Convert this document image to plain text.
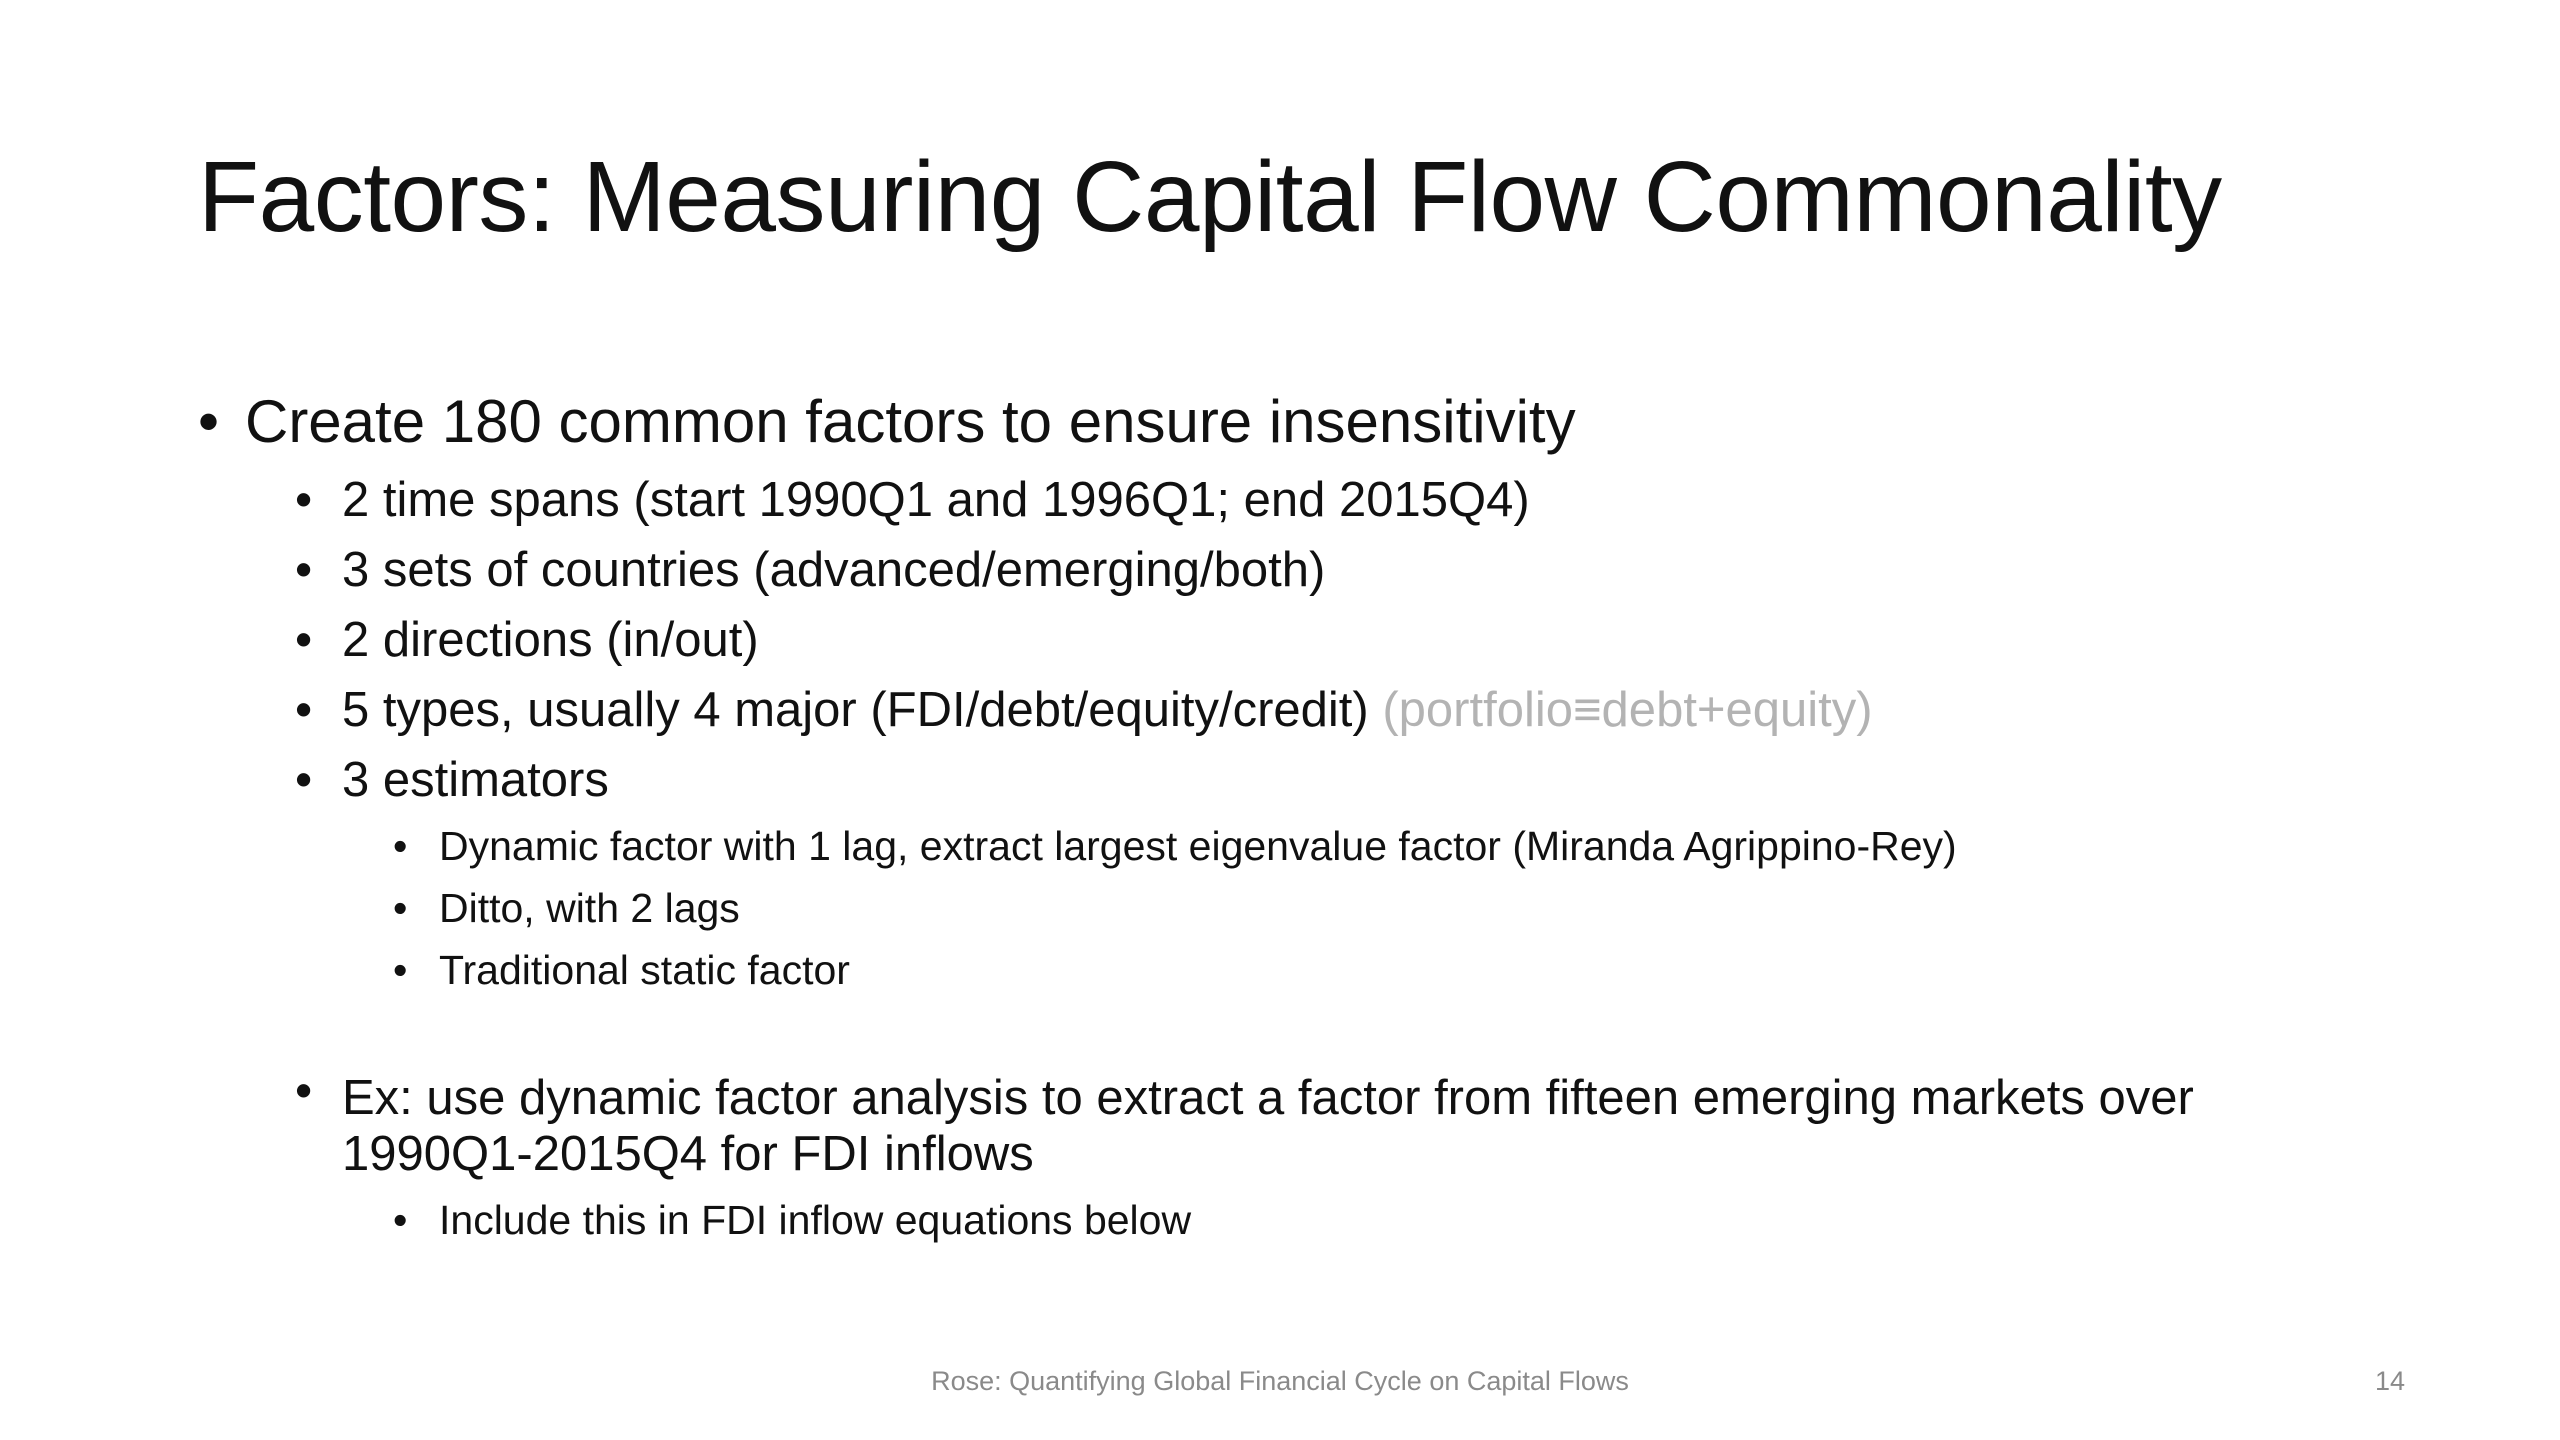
Factors: Measuring Capital Flow Commonality
• Create 180 common factors to ensure insensitivity
• 2 time spans (start 1990Q1 and 1996Q1; end 2015Q4)
• 3 sets of countries (advanced/emerging/both)
• 2 directions (in/out)
• 5 types, usually 4 major (FDI/debt/equity/credit) (portfolio≡debt+equity)
• 3 estimators
• Dynamic factor with 1 lag, extract largest eigenvalue factor (Miranda Agrippino-Rey)
• Ditto, with 2 lags
• Traditional static factor
• Ex: use dynamic factor analysis to extract a factor from fifteen emerging markets over 1990Q1-2015Q4 for FDI inflows
• Include this in FDI inflow equations below

Rose: Quantifying Global Financial Cycle on Capital Flows	14
